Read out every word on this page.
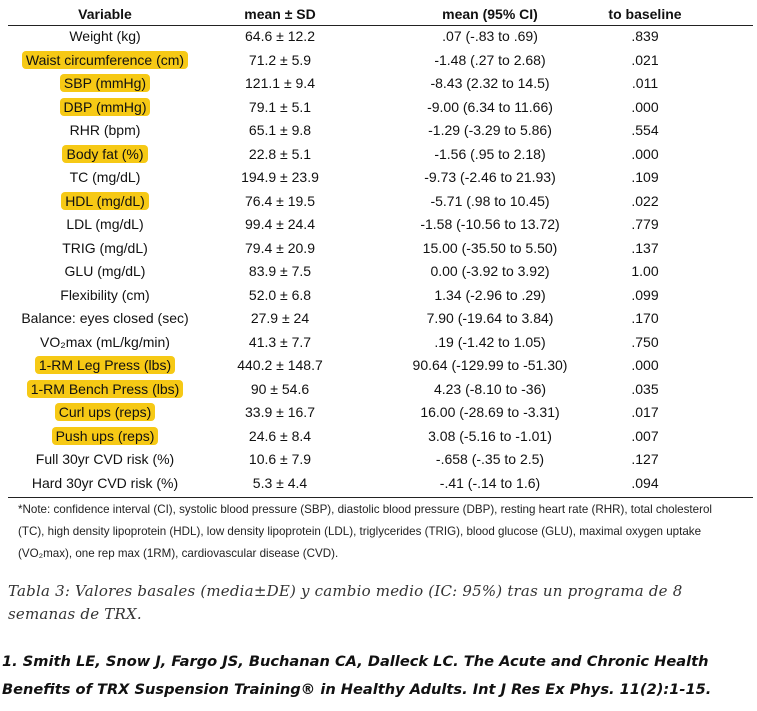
Variable	mean ± SD	mean (95% CI)	to baseline
Weight (kg)	64.6 ± 12.2	.07 (-.83 to .69)	.839
Waist circumference (cm)	71.2 ± 5.9	-1.48 (.27 to 2.68)	.021
SBP (mmHg)	121.1 ± 9.4	-8.43 (2.32 to 14.5)	.011
DBP (mmHg)	79.1 ± 5.1	-9.00 (6.34 to 11.66)	.000
RHR (bpm)	65.1 ± 9.8	-1.29 (-3.29 to 5.86)	.554
Body fat (%)	22.8 ± 5.1	-1.56 (.95 to 2.18)	.000
TC (mg/dL)	194.9 ± 23.9	-9.73 (-2.46 to 21.93)	.109
HDL (mg/dL)	76.4 ± 19.5	-5.71 (.98 to 10.45)	.022
LDL (mg/dL)	99.4 ± 24.4	-1.58 (-10.56 to 13.72)	.779
TRIG (mg/dL)	79.4 ± 20.9	15.00 (-35.50 to 5.50)	.137
GLU (mg/dL)	83.9 ± 7.5	0.00 (-3.92 to 3.92)	1.00
Flexibility (cm)	52.0 ± 6.8	1.34 (-2.96 to .29)	.099
Balance: eyes closed (sec)	27.9 ± 24	7.90 (-19.64 to 3.84)	.170
VO₂max (mL/kg/min)	41.3 ± 7.7	.19 (-1.42 to 1.05)	.750
1-RM Leg Press (lbs)	440.2 ± 148.7	90.64 (-129.99 to -51.30)	.000
1-RM Bench Press (lbs)	90 ± 54.6	4.23 (-8.10 to -36)	.035
Curl ups (reps)	33.9 ± 16.7	16.00 (-28.69 to -3.31)	.017
Push ups (reps)	24.6 ± 8.4	3.08 (-5.16 to -1.01)	.007
Full 30yr CVD risk (%)	10.6 ± 7.9	-.658 (-.35 to 2.5)	.127
Hard 30yr CVD risk (%)	5.3 ± 4.4	-.41 (-.14 to 1.6)	.094
*Note: confidence interval (CI), systolic blood pressure (SBP), diastolic blood pressure (DBP), resting heart rate (RHR), total cholesterol (TC), high density lipoprotein (HDL), low density lipoprotein (LDL), triglycerides (TRIG), blood glucose (GLU), maximal oxygen uptake (VO₂max), one rep max (1RM), cardiovascular disease (CVD).
Tabla 3: Valores basales (media±DE) y cambio medio (IC: 95%) tras un programa de 8 semanas de TRX.
1. Smith LE, Snow J, Fargo JS, Buchanan CA, Dalleck LC. The Acute and Chronic Health Benefits of TRX Suspension Training® in Healthy Adults. Int J Res Ex Phys. 11(2):1-15.
